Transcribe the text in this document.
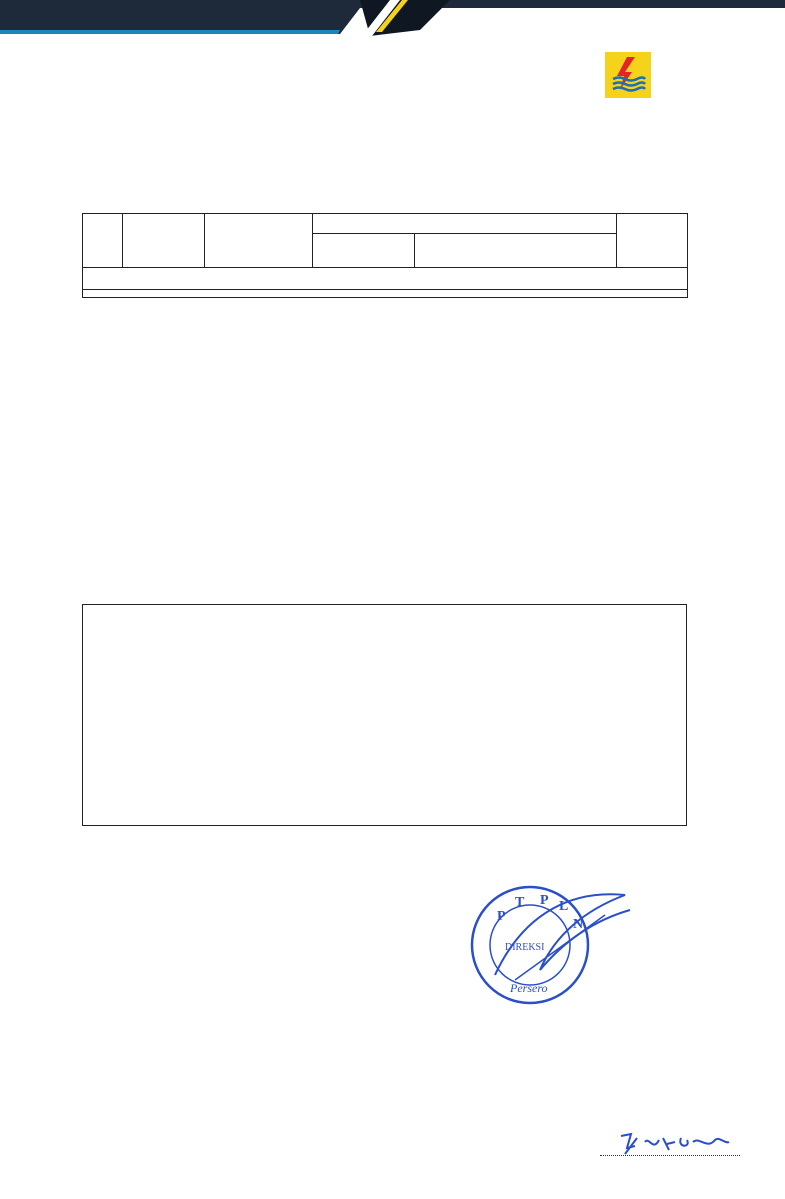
P
T P L
N
DIREKSI
Persero
